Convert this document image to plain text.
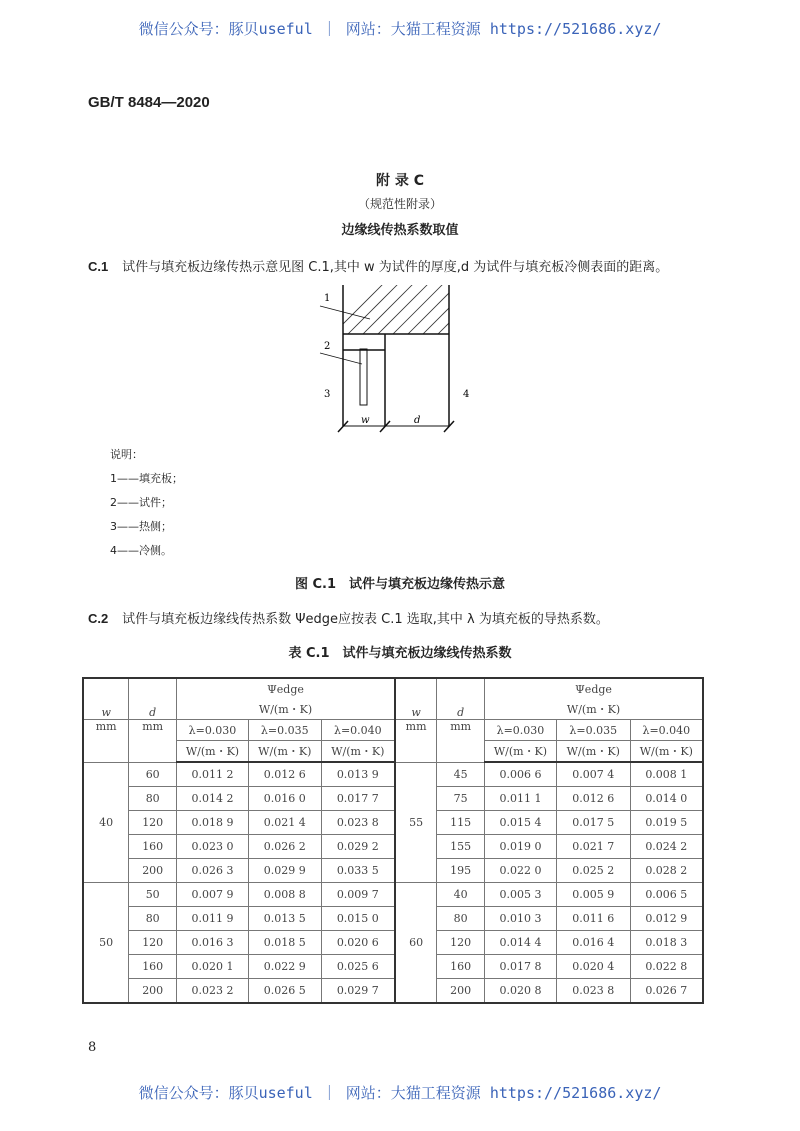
微信公众号：豚贝useful ｜ 网站：大猫工程资源 https://521686.xyz/
GB/T 8484—2020
附 录 C
（规范性附录）
边缘线传热系数取值
C.1 试件与填充板边缘传热示意见图 C.1,其中 w 为试件的厚度,d 为试件与填充板冷侧表面的距离。
1
2
3	4
w	d
说明：
1——填充板；
2——试件；
3——热侧；
4——冷侧。
图 C.1　试件与填充板边缘传热示意
C.2 试件与填充板边缘线传热系数 Ψedge应按表 C.1 选取,其中 λ 为填充板的导热系数。
表 C.1　试件与填充板边缘线传热系数
w	d	Ψedge			w	d	Ψedge		
		W/(m・K)					W/(m・K)		
mm	mm	λ=0.030	λ=0.035	λ=0.040	mm	mm	λ=0.030	λ=0.035	λ=0.040
		W/(m・K)	W/(m・K)	W/(m・K)			W/(m・K)	W/(m・K)	W/(m・K)
40	60	0.011 2	0.012 6	0.013 9	55	45	0.006 6	0.007 4	0.008 1
	80	0.014 2	0.016 0	0.017 7		75	0.011 1	0.012 6	0.014 0
	120	0.018 9	0.021 4	0.023 8		115	0.015 4	0.017 5	0.019 5
	160	0.023 0	0.026 2	0.029 2		155	0.019 0	0.021 7	0.024 2
	200	0.026 3	0.029 9	0.033 5		195	0.022 0	0.025 2	0.028 2
50	50	0.007 9	0.008 8	0.009 7	60	40	0.005 3	0.005 9	0.006 5
	80	0.011 9	0.013 5	0.015 0		80	0.010 3	0.011 6	0.012 9
	120	0.016 3	0.018 5	0.020 6		120	0.014 4	0.016 4	0.018 3
	160	0.020 1	0.022 9	0.025 6		160	0.017 8	0.020 4	0.022 8
	200	0.023 2	0.026 5	0.029 7		200	0.020 8	0.023 8	0.026 7
8
微信公众号：豚贝useful ｜ 网站：大猫工程资源 https://521686.xyz/
